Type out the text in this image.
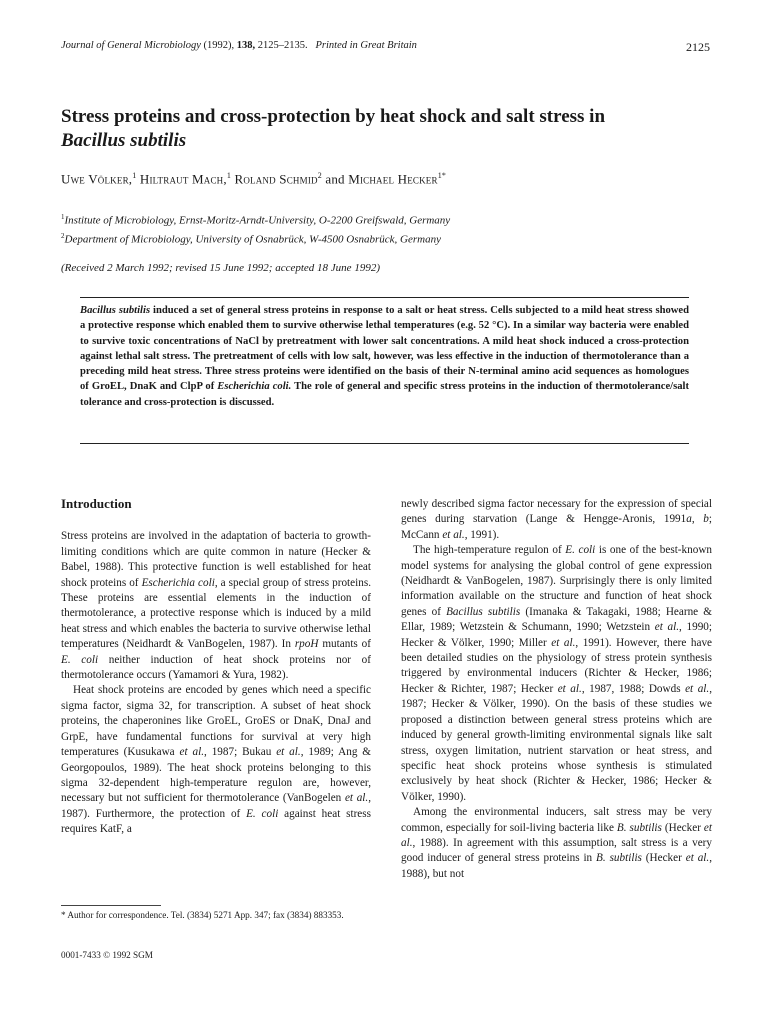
Journal of General Microbiology (1992), 138, 2125–2135. Printed in Great Britain	2125
Stress proteins and cross-protection by heat shock and salt stress in
Bacillus subtilis
Uwe Völker,$^1$ Hiltraut Mach,$^1$ Roland Schmid$^2$ and Michael Hecker$^{1*}$
$^1$Institute of Microbiology, Ernst-Moritz-Arndt-University, O-2200 Greifswald, Germany
$^2$Department of Microbiology, University of Osnabrück, W-4500 Osnabrück, Germany
(Received 2 March 1992; revised 15 June 1992; accepted 18 June 1992)
Bacillus subtilis induced a set of general stress proteins in response to a salt or heat stress. Cells subjected to a mild heat stress showed a protective response which enabled them to survive otherwise lethal temperatures (e.g. 52 °C). In a similar way bacteria were enabled to survive toxic concentrations of NaCl by pretreatment with lower salt concentrations. A mild heat shock induced a cross-protection against lethal salt stress. The pretreatment of cells with low salt, however, was less effective in the induction of thermotolerance than a preceding mild heat stress. Three stress proteins were identified on the basis of their N-terminal amino acid sequences as homologues of GroEL, DnaK and ClpP of Escherichia coli. The role of general and specific stress proteins in the induction of thermotolerance/salt tolerance and cross-protection is discussed.
Introduction

Stress proteins are involved in the adaptation of bacteria to growth-limiting conditions which are quite common in nature (Hecker & Babel, 1988). This protective function is well established for heat shock proteins of Escherichia coli, a special group of stress proteins. These proteins are essential elements in the induction of thermotolerance, a protective response which is induced by a mild heat stress and which enables the bacteria to survive otherwise lethal temperatures (Neidhardt & VanBogelen, 1987). In rpoH mutants of E. coli neither induction of heat shock proteins nor of thermotolerance occurs (Yamamori & Yura, 1982).

Heat shock proteins are encoded by genes which need a specific sigma factor, sigma 32, for transcription. A subset of heat shock proteins, the chaperonines like GroEL, GroES or DnaK, DnaJ and GrpE, have fundamental functions for survival at very high temperatures (Kusukawa et al., 1987; Bukau et al., 1989; Ang & Georgopoulos, 1989). The heat shock proteins belonging to this sigma 32-dependent high-temperature regulon are, however, necessary but not sufficient for thermotolerance (VanBogelen et al., 1987). Furthermore, the protection of E. coli against heat stress requires KatF, a

newly described sigma factor necessary for the expression of special genes during starvation (Lange & Hengge-Aronis, 1991a, b; McCann et al., 1991).

The high-temperature regulon of E. coli is one of the best-known model systems for analysing the global control of gene expression (Neidhardt & VanBogelen, 1987). Surprisingly there is only limited information available on the structure and function of heat shock genes of Bacillus subtilis (Imanaka & Takagaki, 1988; Hearne & Ellar, 1989; Wetzstein & Schumann, 1990; Wetzstein et al., 1990; Hecker & Völker, 1990; Miller et al., 1991). However, there have been detailed studies on the physiology of stress protein synthesis triggered by environmental inducers (Richter & Hecker, 1986; Hecker & Richter, 1987; Hecker et al., 1987, 1988; Dowds et al., 1987; Hecker & Völker, 1990). On the basis of these studies we proposed a distinction between general stress proteins which are induced by general growth-limiting environmental signals like salt stress, oxygen limitation, nutrient starvation or heat stress, and specific heat shock proteins whose synthesis is stimulated exclusively by heat shock (Richter & Hecker, 1986; Hecker & Völker, 1990).

Among the environmental inducers, salt stress may be very common, especially for soil-living bacteria like B. subtilis (Hecker et al., 1988). In agreement with this assumption, salt stress is a very good inducer of general stress proteins in B. subtilis (Hecker et al., 1988), but not

* Author for correspondence. Tel. (3834) 5271 App. 347; fax (3834) 883353.
0001-7433 © 1992 SGM
